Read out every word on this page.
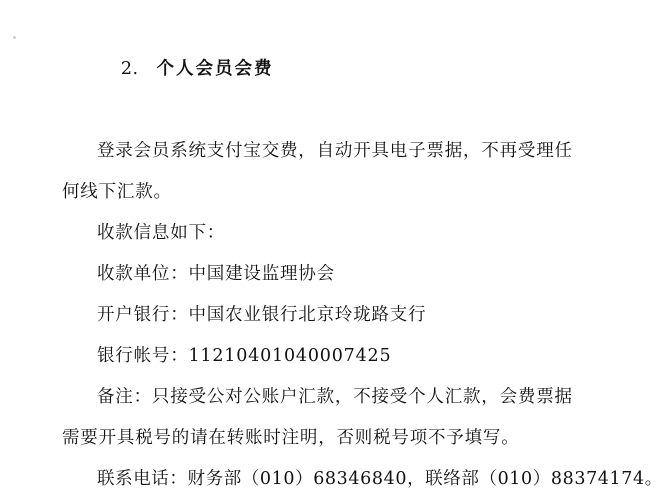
2.　 个人会员会费

登录会员系统支付宝交费，自动开具电子票据，不再受理任
何线下汇款。
收款信息如下：
收款单位：中国建设监理协会
开户银行：中国农业银行北京玲珑路支行
银行帐号：11210401040007425
备注：只接受公对公账户汇款，不接受个人汇款，会费票据
需要开具税号的请在转账时注明，否则税号项不予填写。
联系电话：财务部（010）68346840，联络部（010）88374174。
